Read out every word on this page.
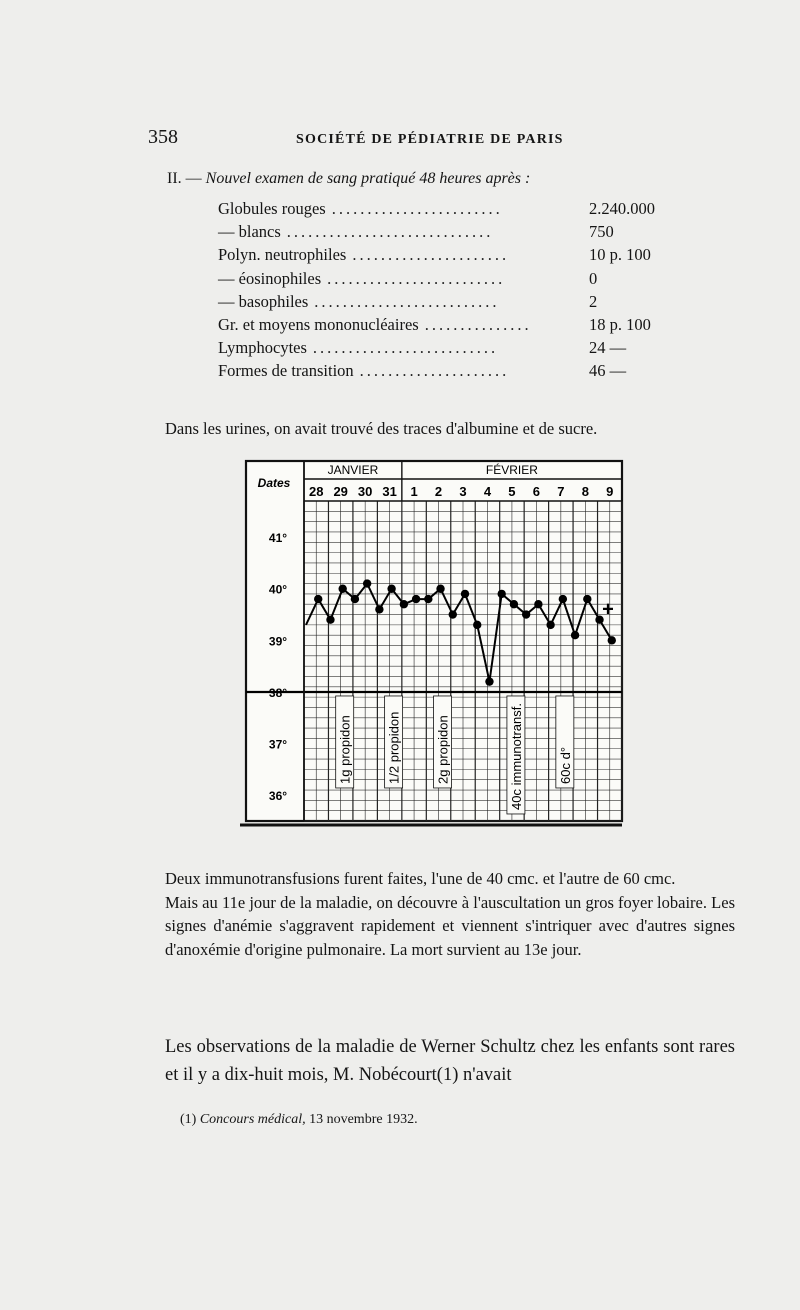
358	SOCIÉTÉ DE PÉDIATRIE DE PARIS
II. — Nouvel examen de sang pratiqué 48 heures après :
........................

Globules rouges	2.240.000
.............................
— blancs	750
......................
Polyn. neutrophiles	10 p. 100
.........................
— éosinophiles	0
..........................
— basophiles	2
...............
Gr. et moyens mononucléaires	18 p. 100
..........................
Lymphocytes	24 —
.....................
Formes de transition	46 —

Dans les urines, on avait trouvé des traces d'albumine et de sucre.

JANVIER	FÉVRIER
Dates
28 29 30 31 1 2 3 4 5 6 7 8 9
41°
40°
39°
38°
37°
36°
+
1g propidon	1/2 propidon	2g propidon	40c immunotransf.	60c d°
Deux immunotransfusions furent faites, l'une de 40 cmc. et l'autre de 60 cmc.
Mais au 11e jour de la maladie, on découvre à l'auscultation un gros foyer lobaire. Les signes d'anémie s'aggravent rapidement et viennent s'intriquer avec d'autres signes d'anoxémie d'origine pulmonaire. La mort survient au 13e jour.

Les observations de la maladie de Werner Schultz chez les enfants sont rares et il y a dix-huit mois, M. Nobécourt(1) n'avait

(1) Concours médical, 13 novembre 1932.
